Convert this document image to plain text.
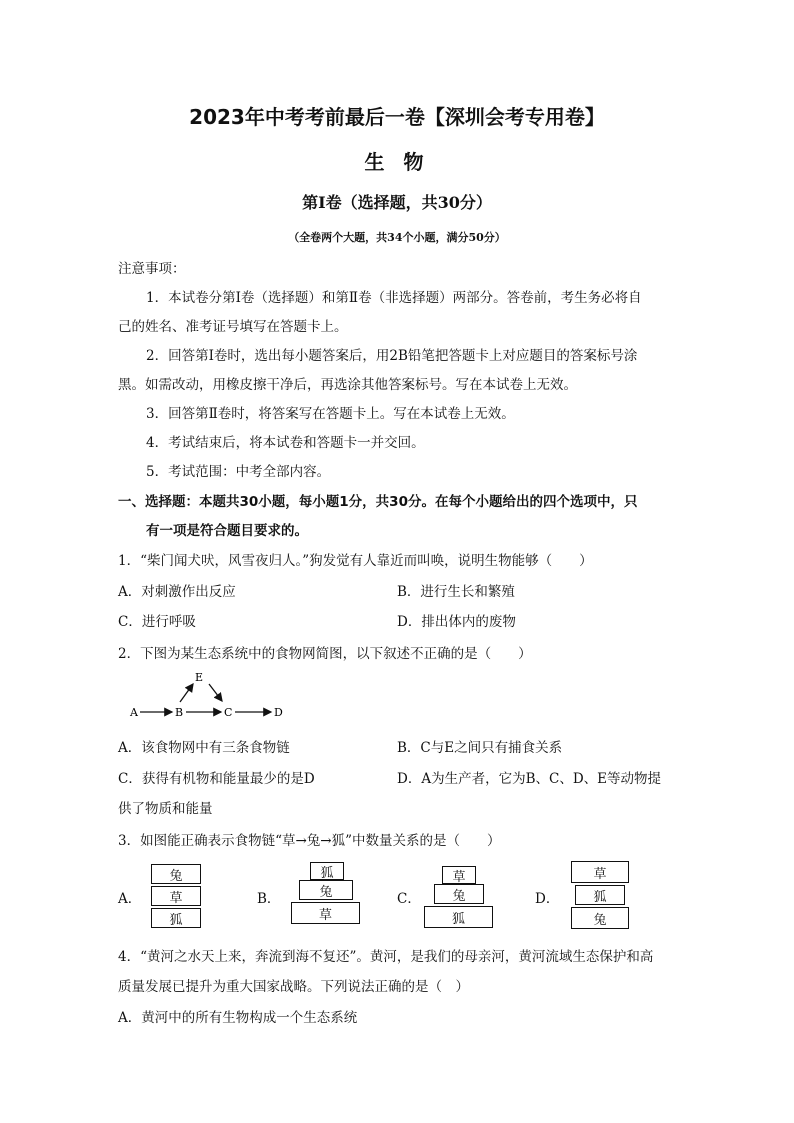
2023年中考考前最后一卷【深圳会考专用卷】
生 物
第Ⅰ卷（选择题，共30分）
（全卷两个大题，共34个小题，满分50分）
注意事项：
1．本试卷分第Ⅰ卷（选择题）和第Ⅱ卷（非选择题）两部分。答卷前，考生务必将自
己的姓名、准考证号填写在答题卡上。
2．回答第Ⅰ卷时，选出每小题答案后，用2B铅笔把答题卡上对应题目的答案标号涂
黑。如需改动，用橡皮擦干净后，再选涂其他答案标号。写在本试卷上无效。
3．回答第Ⅱ卷时，将答案写在答题卡上。写在本试卷上无效。
4．考试结束后，将本试卷和答题卡一并交回。
5．考试范围：中考全部内容。
一、选择题：本题共30小题，每小题1分，共30分。在每个小题给出的四个选项中，只
有一项是符合题目要求的。
1．“柴门闻犬吠，风雪夜归人。”狗发觉有人靠近而叫唤，说明生物能够（　　）
A．对刺激作出反应	B．进行生长和繁殖
C．进行呼吸	D．排出体内的废物
2．下图为某生态系统中的食物网简图，以下叙述不正确的是（　　）
A	B	C	D
E
A．该食物网中有三条食物链	B．C与E之间只有捕食关系
C．获得有机物和能量最少的是D	D．A为生产者，它为B、C、D、E等动物提
供了物质和能量
3．如图能正确表示食物链“草→兔→狐”中数量关系的是（　　）
A．
兔
草
狐
B．
狐
兔
草
C．
草
兔
狐
D．
草
狐
兔
4．“黄河之水天上来，奔流到海不复还”。黄河，是我们的母亲河，黄河流域生态保护和高
质量发展已提升为重大国家战略。下列说法正确的是（　）
A．黄河中的所有生物构成一个生态系统
